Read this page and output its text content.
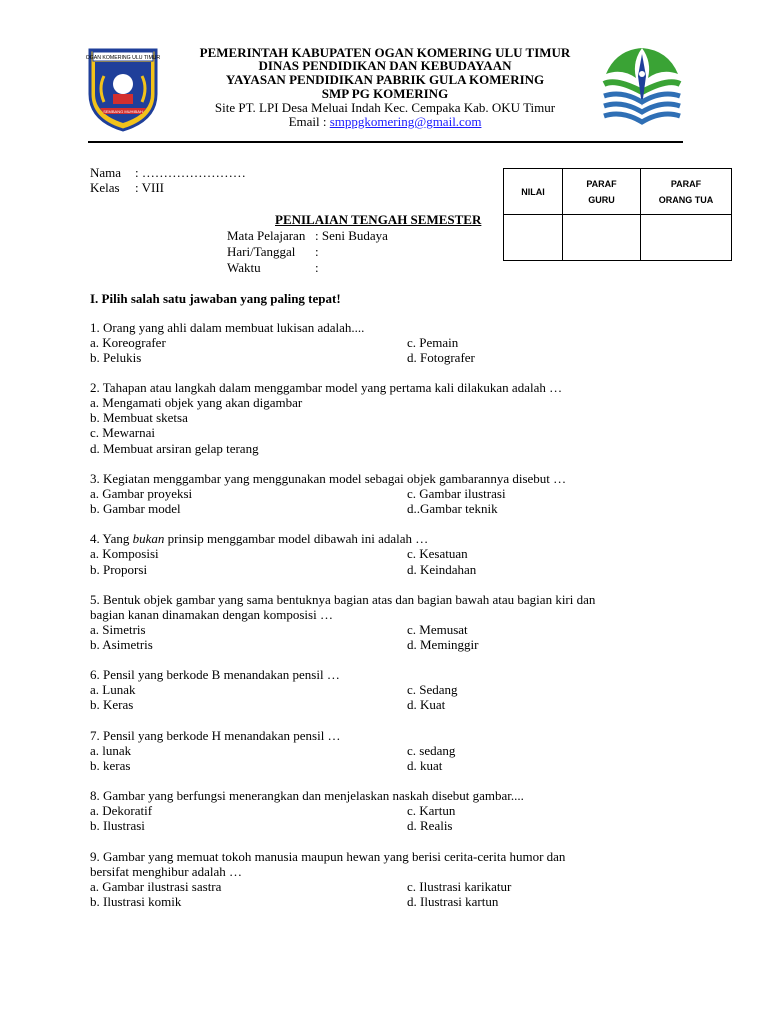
OGAN KOMERING ULU TIMUR
SEMBANG MUHIBAH
PEMERINTAH KABUPATEN OGAN KOMERING ULU TIMUR
DINAS PENDIDIKAN DAN KEBUDAYAAN
YAYASAN PENDIDIKAN PABRIK GULA KOMERING
SMP PG KOMERING
Site PT. LPI Desa Meluai Indah Kec. Cempaka Kab. OKU Timur
Email : smppgkomering@gmail.com
Nama : ……………………
Kelas : VIII	NILAI	PARAF GURU	PARAF ORANG TUA

PENILAIAN TENGAH SEMESTER
Mata Pelajaran : Seni Budaya
Hari/Tanggal :
Waktu	:
I. Pilih salah satu jawaban yang paling tepat!
1. Orang yang ahli dalam membuat lukisan adalah....
a. Koreografer	c. Pemain
b. Pelukis	d. Fotografer
2. Tahapan atau langkah dalam menggambar model yang pertama kali dilakukan adalah …
a. Mengamati objek yang akan digambar
b. Membuat sketsa
c. Mewarnai
d. Membuat arsiran gelap terang
3. Kegiatan menggambar yang menggunakan model sebagai objek gambarannya disebut …
a. Gambar proyeksi	c. Gambar ilustrasi
b. Gambar model	d..Gambar teknik
4. Yang bukan prinsip menggambar model dibawah ini adalah …
a. Komposisi	c. Kesatuan
b. Proporsi	d. Keindahan
5. Bentuk objek gambar yang sama bentuknya bagian atas dan bagian bawah atau bagian kiri dan
bagian kanan dinamakan dengan komposisi …
a. Simetris	c. Memusat
b. Asimetris	d. Meminggir
6. Pensil yang berkode B menandakan pensil …
a. Lunak	c. Sedang
b. Keras	d. Kuat
7. Pensil yang berkode H menandakan pensil …
a. lunak	c. sedang
b. keras	d. kuat
8. Gambar yang berfungsi menerangkan dan menjelaskan naskah disebut gambar....
a. Dekoratif	c. Kartun
b. Ilustrasi	d. Realis
9. Gambar yang memuat tokoh manusia maupun hewan yang berisi cerita-cerita humor dan
bersifat menghibur adalah …
a. Gambar ilustrasi sastra	c. Ilustrasi karikatur
b. Ilustrasi komik	d. Ilustrasi kartun
